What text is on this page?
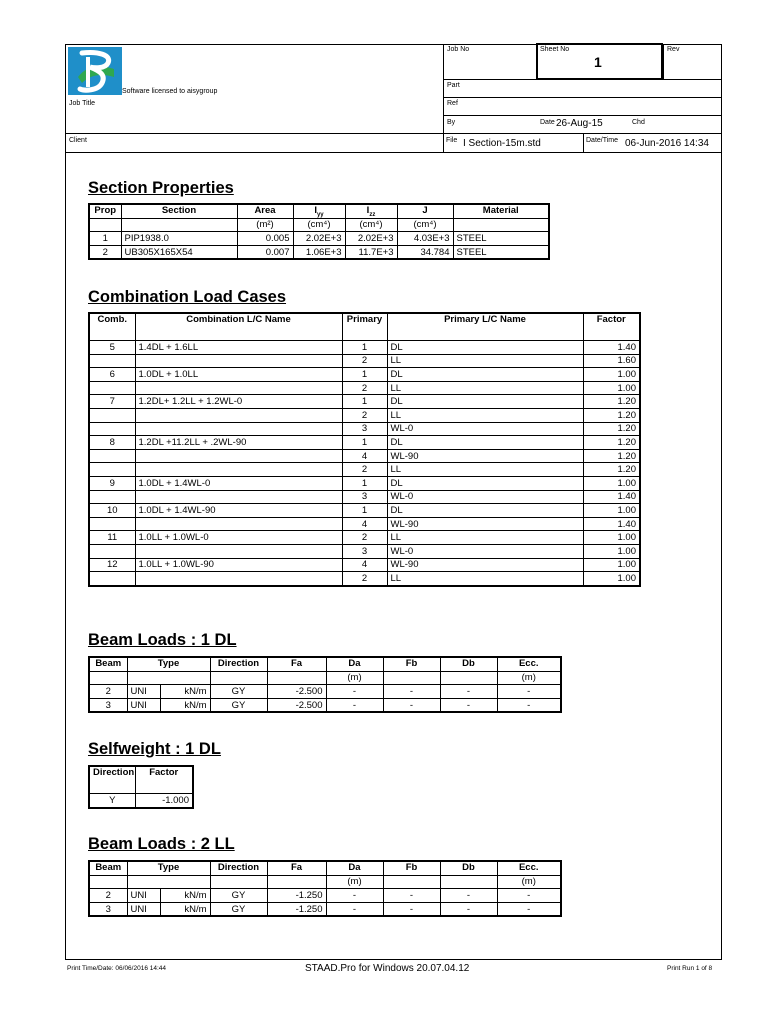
Software licensed to aisygroup
Job No	Sheet No
1
Rev
Part
Job Title	Ref
By	Date 26-Aug-15	Chd
Client	File I Section-15m.std	Date/Time 06-Jun-2016 14:34
Section Properties
Prop	Section	Area	$I_{yy}$	$I_{zz}$	J	Material
		(m²)	(cm⁴)	(cm⁴)	(cm⁴)	
1	PIP1938.0	0.005	2.02E+3	2.02E+3	4.03E+3	STEEL
2	UB305X165X54	0.007	1.06E+3	11.7E+3	34.784	STEEL
Combination Load Cases
Comb.	Combination L/C Name	Primary	Primary L/C Name	Factor
5	1.4DL + 1.6LL	1	DL	1.40
		2	LL	1.60
6	1.0DL + 1.0LL	1	DL	1.00
		2	LL	1.00
7	1.2DL+ 1.2LL + 1.2WL-0	1	DL	1.20
		2	LL	1.20
		3	WL-0	1.20
8	1.2DL +11.2LL + .2WL-90	1	DL	1.20
		4	WL-90	1.20
		2	LL	1.20
9	1.0DL + 1.4WL-0	1	DL	1.00
		3	WL-0	1.40
10	1.0DL + 1.4WL-90	1	DL	1.00
		4	WL-90	1.40
11	1.0LL + 1.0WL-0	2	LL	1.00
		3	WL-0	1.00
12	1.0LL + 1.0WL-90	4	WL-90	1.00
		2	LL	1.00
Beam Loads : 1 DL
Beam	Type		Direction	Fa	Da	Fb	Db	Ecc.
					(m)			(m)
2	UNI	kN/m	GY	-2.500	-	-	-	-
3	UNI	kN/m	GY	-2.500	-	-	-	-
Selfweight : 1 DL
Direction	Factor
Y	-1.000
Beam Loads : 2 LL
Beam	Type		Direction	Fa	Da	Fb	Db	Ecc.
					(m)			(m)
2	UNI	kN/m	GY	-1.250	-	-	-	-
3	UNI	kN/m	GY	-1.250	-	-	-	-
Print Time/Date: 06/06/2016 14:44	STAAD.Pro for Windows 20.07.04.12	Print Run 1 of 8
